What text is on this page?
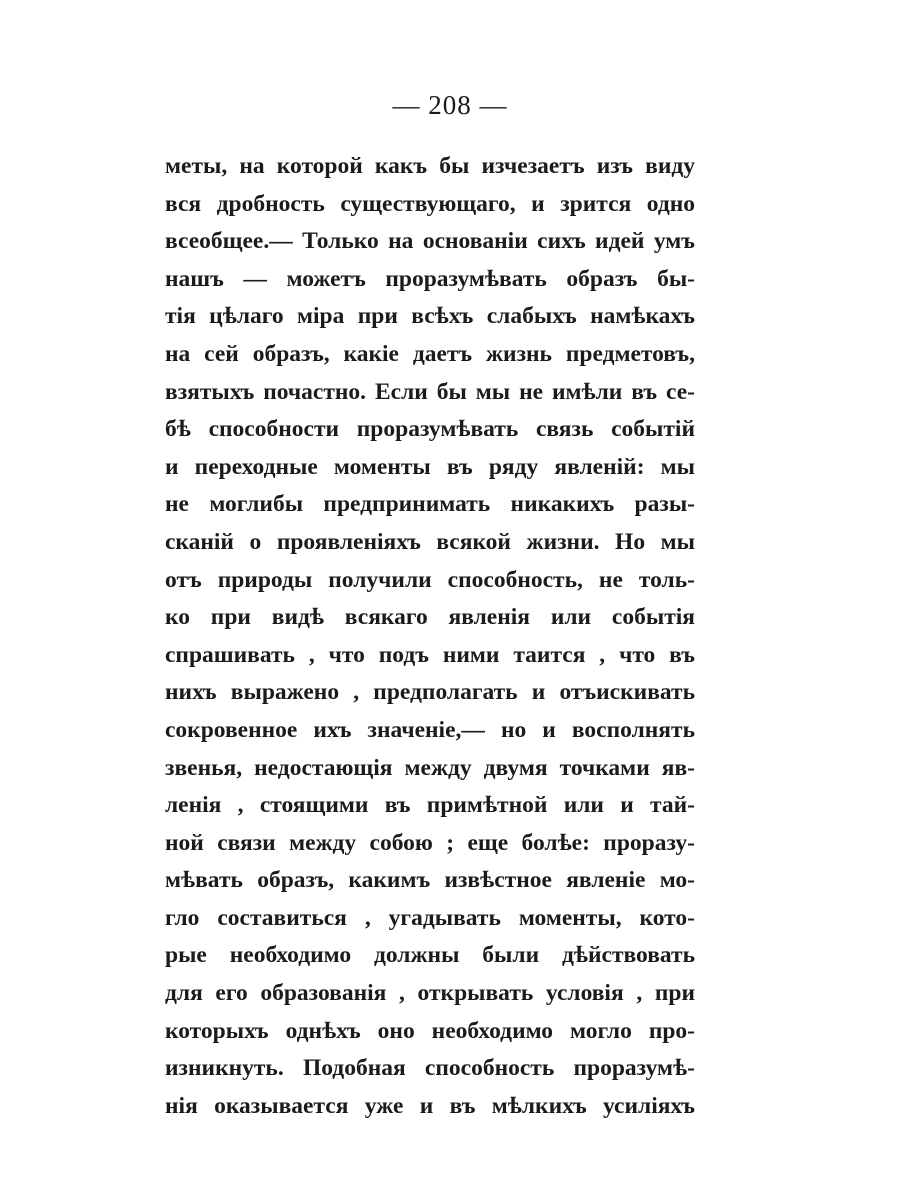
— 208 —
меты, на которой какъ бы изчезаетъ изъ виду
вся дробность существующаго, и зрится одно
всеобщее.— Только на основанiи сихъ идей умъ
нашъ — можетъ проразумѣвать образъ бы-
тiя цѣлаго мiра при всѣхъ слабыхъ намѣкахъ
на сей образъ, какiе даетъ жизнь предметовъ,
взятыхъ почастно. Если бы мы не имѣли въ се-
бѣ способности проразумѣвать связь событiй
и переходные моменты въ ряду явленiй: мы
не моглибы предпринимать никакихъ разы-
сканiй о проявленiяхъ всякой жизни. Но мы
отъ природы получили способность, не толь-
ко при видѣ всякаго явленiя или событiя
спрашивать , что подъ ними таится , что въ
нихъ выражено , предполагать и отъискивать
сокровенное ихъ значенiе,— но и восполнять
звенья, недостающiя между двумя точками яв-
ленiя , стоящими въ примѣтной или и тай-
ной связи между собою ; еще болѣе: проразу-
мѣвать образъ, какимъ извѣстное явленiе мо-
гло составиться , угадывать моменты, кото-
рые необходимо должны были дѣйствовать
для его образованiя , открывать условiя , при
которыхъ однѣхъ оно необходимо могло про-
изникнуть. Подобная способность проразумѣ-
нiя оказывается уже и въ мѣлкихъ усилiяхъ
